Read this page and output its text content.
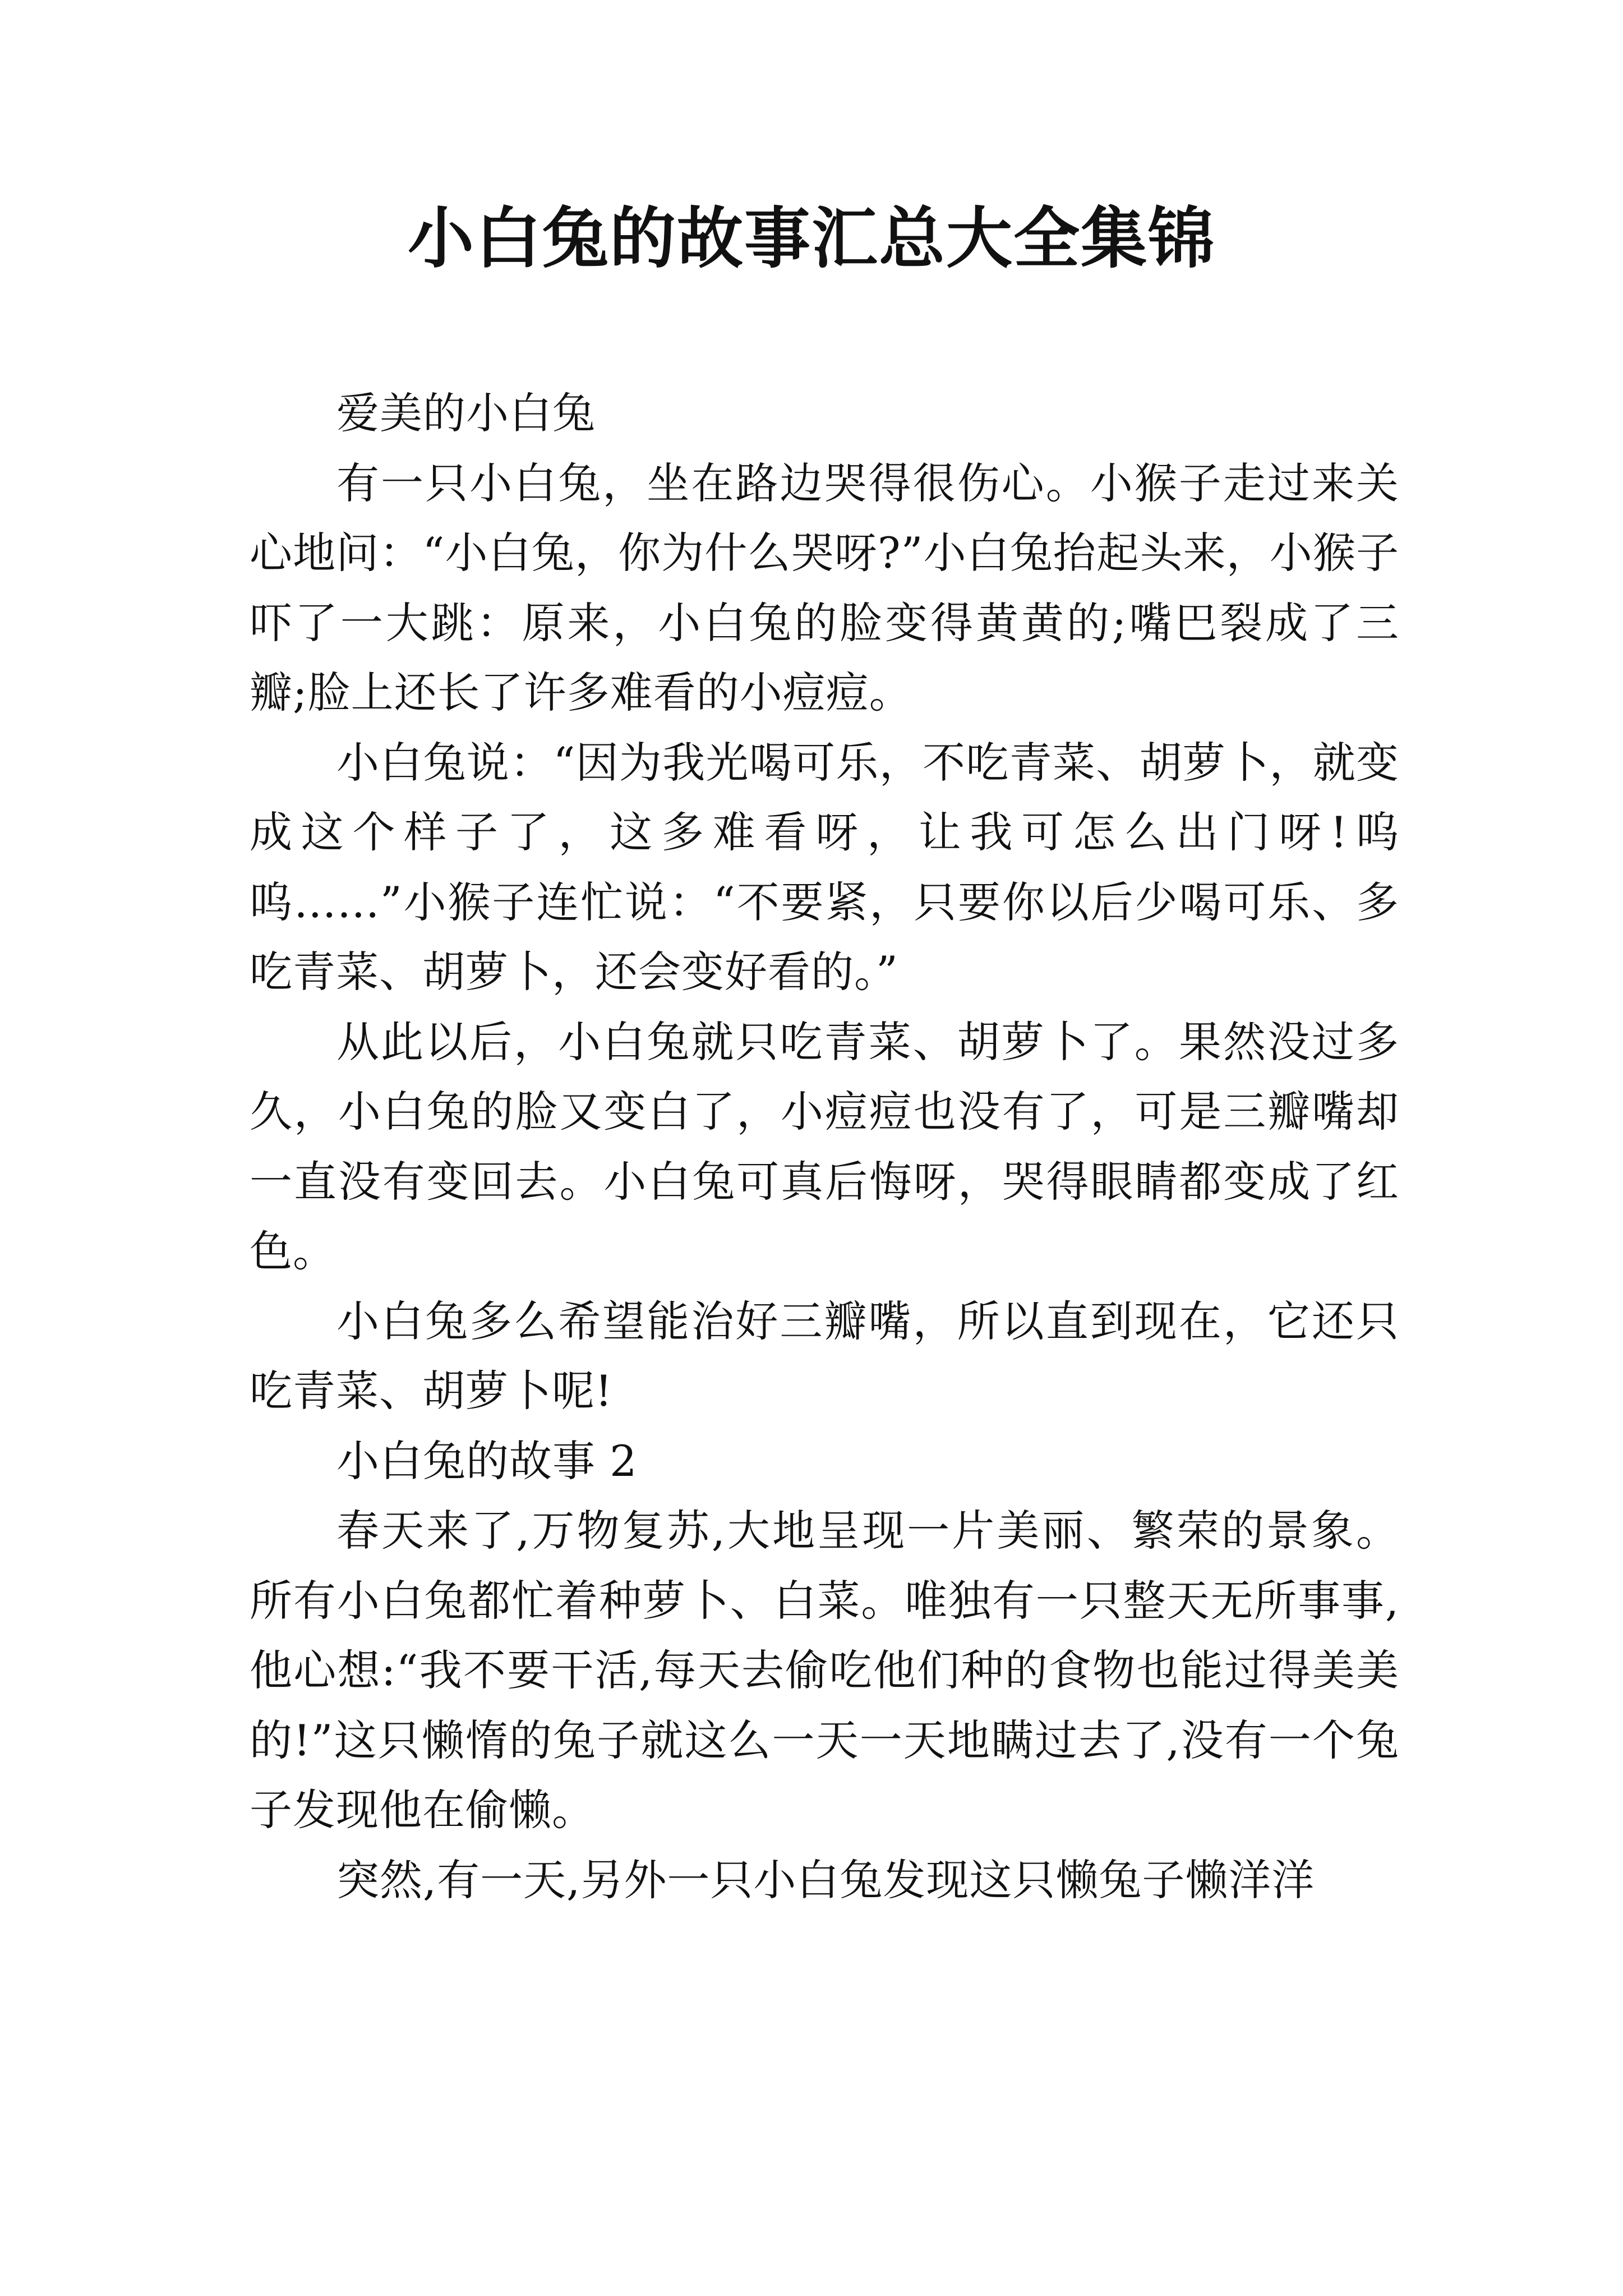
小白兔的故事汇总大全集锦

爱美的小白兔

有一只小白兔，坐在路边哭得很伤心。小猴子走过来关心地问：“小白兔，你为什么哭呀?”小白兔抬起头来，小猴子吓了一大跳：原来，小白兔的脸变得黄黄的;嘴巴裂成了三瓣;脸上还长了许多难看的小痘痘。

小白兔说：“因为我光喝可乐，不吃青菜、胡萝卜，就变成这个样子了，这多难看呀，让我可怎么出门呀!呜呜……”小猴子连忙说：“不要紧，只要你以后少喝可乐、多吃青菜、胡萝卜，还会变好看的。”

从此以后，小白兔就只吃青菜、胡萝卜了。果然没过多久，小白兔的脸又变白了，小痘痘也没有了，可是三瓣嘴却一直没有变回去。小白兔可真后悔呀，哭得眼睛都变成了红色。

小白兔多么希望能治好三瓣嘴，所以直到现在，它还只吃青菜、胡萝卜呢!

小白兔的故事 2

春天来了,万物复苏,大地呈现一片美丽、繁荣的景象。所有小白兔都忙着种萝卜、白菜。唯独有一只整天无所事事,他心想:“我不要干活,每天去偷吃他们种的食物也能过得美美的!”这只懒惰的兔子就这么一天一天地瞒过去了,没有一个兔子发现他在偷懒。

突然,有一天,另外一只小白兔发现这只懒兔子懒洋洋
